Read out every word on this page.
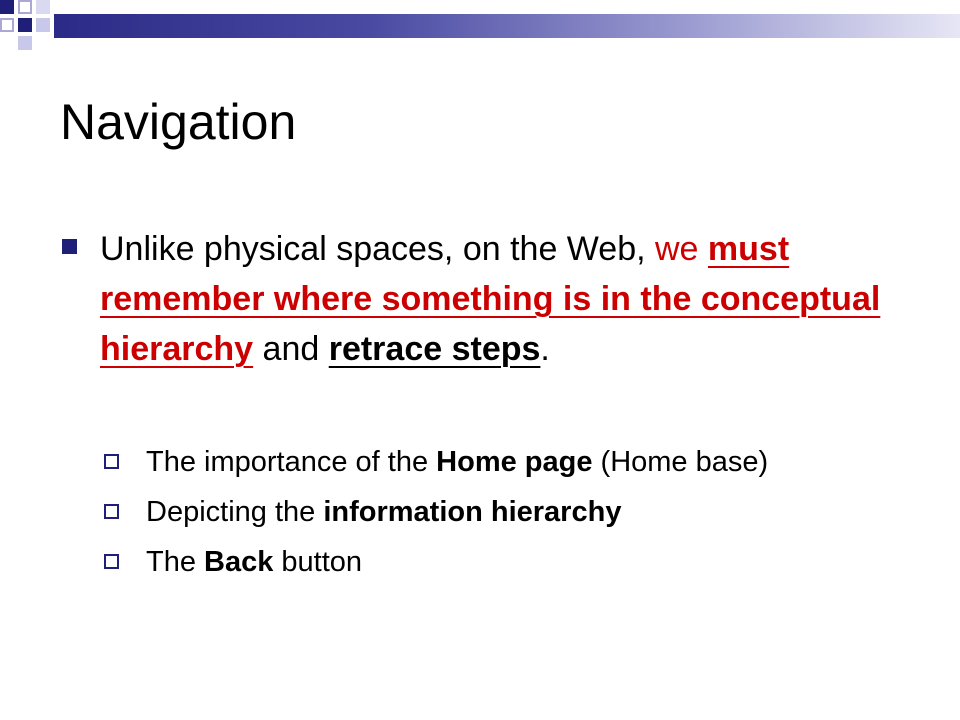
Navigation
Unlike physical spaces, on the Web, we must remember where something is in the conceptual hierarchy and retrace steps.
The importance of the Home page (Home base)
Depicting the information hierarchy
The Back button
